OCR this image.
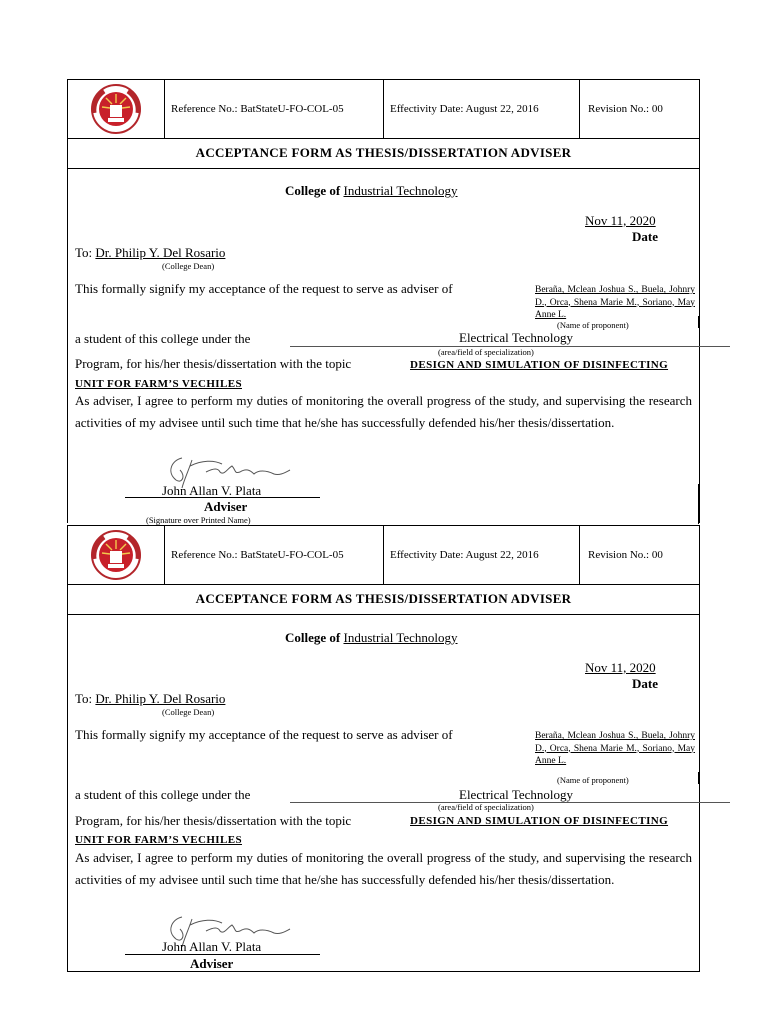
Reference No.: BatStateU-FO-COL-05	Effectivity Date: August 22, 2016	Revision No.: 00
ACCEPTANCE FORM AS THESIS/DISSERTATION ADVISER
College of Industrial Technology
Nov 11, 2020
Date
To: Dr. Philip Y. Del Rosario
(College Dean)
This formally signify my acceptance of the request to serve as adviser of	Beraña, Mclean Joshua S., Buela, Johnry D., Orca, Shena Marie M., Soriano, May Anne L.
(Name of proponent)
a student of this college under the	Electrical Technology
(area/field of specialization)
Program, for his/her thesis/dissertation with the topic	DESIGN AND SIMULATION OF DISINFECTING
UNIT FOR FARM’S VECHILES
As adviser, I agree to perform my duties of monitoring the overall progress of the study, and supervising the research activities of my advisee until such time that he/she has successfully defended his/her thesis/dissertation.
John Allan V. Plata
Adviser
(Signature over Printed Name)
Reference No.: BatStateU-FO-COL-05	Effectivity Date: August 22, 2016	Revision No.: 00
ACCEPTANCE FORM AS THESIS/DISSERTATION ADVISER
College of Industrial Technology
Nov 11, 2020
Date
To: Dr. Philip Y. Del Rosario
(College Dean)
This formally signify my acceptance of the request to serve as adviser of	Beraña, Mclean Joshua S., Buela, Johnry D., Orca, Shena Marie M., Soriano, May Anne L.
(Name of proponent)
a student of this college under the	Electrical Technology
(area/field of specialization)
Program, for his/her thesis/dissertation with the topic	DESIGN AND SIMULATION OF DISINFECTING
UNIT FOR FARM’S VECHILES
As adviser, I agree to perform my duties of monitoring the overall progress of the study, and supervising the research activities of my advisee until such time that he/she has successfully defended his/her thesis/dissertation.
John Allan V. Plata
Adviser
